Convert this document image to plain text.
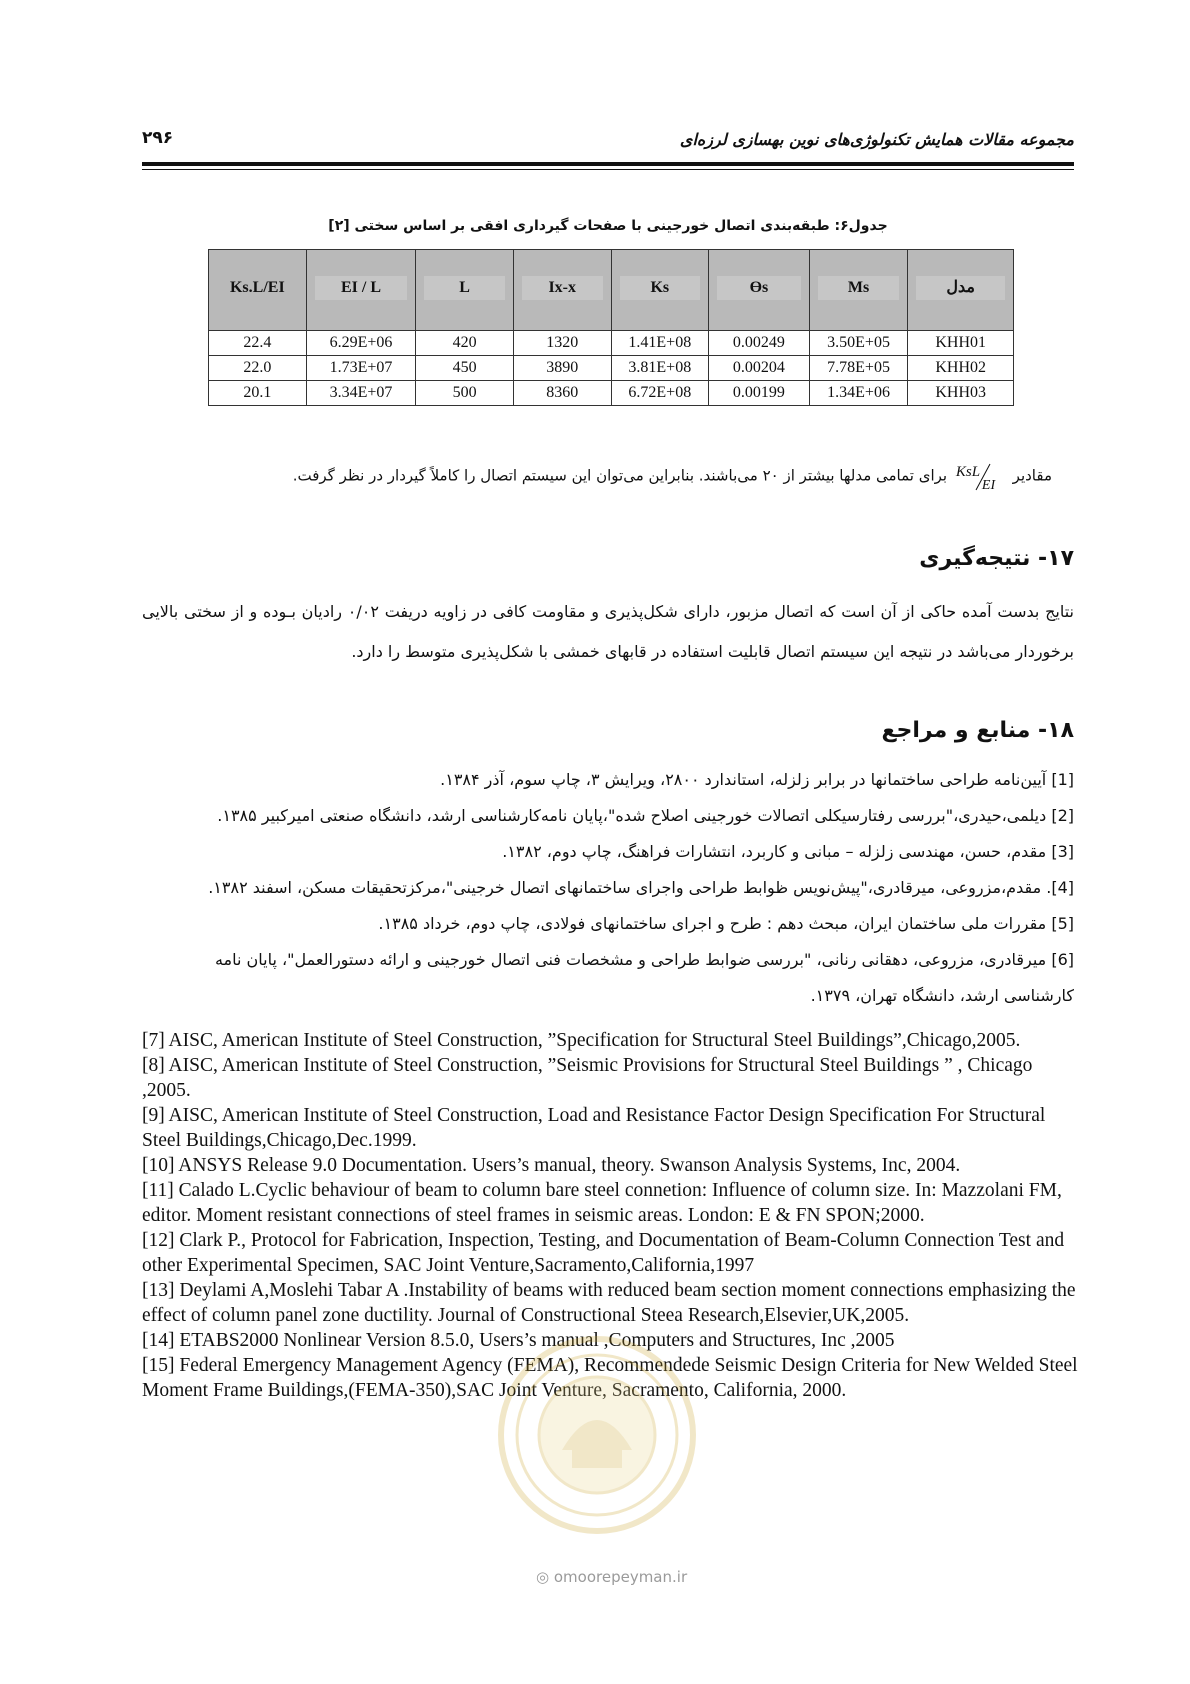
۲۹۶	مجموعه مقالات همایش تکنولوژی‌های نوین بهسازی لرزه‌ای
جدول۶: طبقه‌بندی اتصال خورجینی با صفحات گیرداری افقی بر اساس سختی [۲]
مدل	Ms	Ɵs	Ks	Ix-x	L	EI / L	Ks.L/EI

KHH01	3.50E+05	0.00249	1.41E+08	1320	420	6.29E+06	22.4
KHH02	7.78E+05	0.00204	3.81E+08	3890	450	1.73E+07	22.0
KHH03	1.34E+06	0.00199	6.72E+08	8360	500	3.34E+07	20.1
مقادیر
KsL
EI
برای تمامی مدلها بیشتر از ۲۰ می‌باشند. بنابراین می‌توان این سیستم اتصال را کاملاً گیردار در نظر گرفت.
۱۷- نتیجه‌گیری
نتایج بدست آمده حاکی از آن است که اتصال مزبور، دارای شکل‌پذیری و مقاومت کافی در زاویه دریفت ۰/۰۲ رادیان بـوده و از سختی بالایی برخوردار می‌باشد در نتیجه این سیستم اتصال قابلیت استفاده در قابهای خمشی با شکل‌پذیری متوسط را دارد.
۱۸- منابع و مراجع
[1] آیین‌نامه طراحی ساختمانها در برابر زلزله، استاندارد ۲۸۰۰، ویرایش ۳، چاپ سوم، آذر ۱۳۸۴.
[2] دیلمی،حیدری،"بررسی رفتارسیکلی اتصالات خورجینی اصلاح شده"،پایان نامه‌کارشناسی ارشد، دانشگاه صنعتی امیرکبیر ۱۳۸۵.
[3] مقدم، حسن، مهندسی زلزله – مبانی و کاربرد، انتشارات فراهنگ، چاپ دوم، ۱۳۸۲.
[4]. مقدم،مزروعی، میرقادری،"پیش‌نویس ظوابط طراحی واجرای ساختمانهای اتصال خرجینی"،مرکزتحقیقات مسکن، اسفند ۱۳۸۲.
[5] مقررات ملی ساختمان ایران، مبحث دهم : طرح و اجرای ساختمانهای فولادی، چاپ دوم، خرداد ۱۳۸۵.
[6] میرقادری، مزروعی، دهقانی رنانی، "بررسی ضوابط طراحی و مشخصات فنی اتصال خورجینی و ارائه دستورالعمل"، پایان نامه کارشناسی ارشد، دانشگاه تهران، ۱۳۷۹.

[7] AISC, American Institute of Steel Construction, ”Specification for Structural Steel Buildings”,Chicago,2005.

[8] AISC, American Institute of Steel Construction, ”Seismic Provisions for Structural Steel Buildings ” , Chicago ,2005.

[9] AISC, American Institute of Steel Construction, Load and Resistance Factor Design Specification For Structural Steel Buildings,Chicago,Dec.1999.

[10] ANSYS Release 9.0 Documentation. Users’s manual, theory. Swanson Analysis Systems, Inc, 2004.

[11] Calado L.Cyclic behaviour of beam to column bare steel connetion: Influence of column size. In: Mazzolani FM, editor. Moment resistant connections of steel frames in seismic areas. London: E & FN SPON;2000.

[12] Clark P., Protocol for Fabrication, Inspection, Testing, and Documentation of Beam-Column Connection Test and other Experimental Specimen, SAC Joint Venture,Sacramento,California,1997

[13] Deylami A,Moslehi Tabar A .Instability of beams with reduced beam section moment connections emphasizing the effect of column panel zone ductility. Journal of Constructional Steea Research,Elsevier,UK,2005.

[14] ETABS2000 Nonlinear Version 8.5.0, Users’s manual ,Computers and Structures, Inc ,2005

[15] Federal Emergency Management Agency (FEMA), Recommendede Seismic Design Criteria for New Welded Steel Moment Frame Buildings,(FEMA-350),SAC Joint Venture, Sacramento, California, 2000.

◎ omoorepeyman.ir
